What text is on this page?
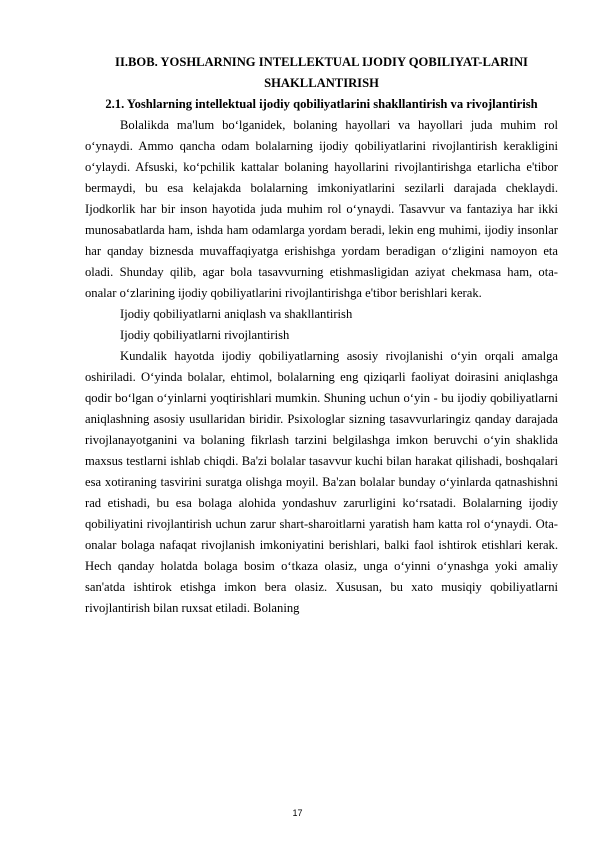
II.BOB. YOSHLARNING INTELLEKTUAL IJODIY QOBILIYAT-LARINI SHAKLLANTIRISH

2.1. Yoshlarning intellektual ijodiy qobiliyatlarini shakllantirish va rivojlantirish

Bolalikda ma'lum bo‘lganidek, bolaning hayollari va hayollari juda muhim rol o‘ynaydi. Ammo qancha odam bolalarning ijodiy qobiliyatlarini rivojlantirish kerakligini o‘ylaydi. Afsuski, ko‘pchilik kattalar bolaning hayollarini rivojlantirishga etarlicha e'tibor bermaydi, bu esa kelajakda bolalarning imkoniyatlarini sezilarli darajada cheklaydi. Ijodkorlik har bir inson hayotida juda muhim rol o‘ynaydi. Tasavvur va fantaziya har ikki munosabatlarda ham, ishda ham odamlarga yordam beradi, lekin eng muhimi, ijodiy insonlar har qanday biznesda muvaffaqiyatga erishishga yordam beradigan o‘zligini namoyon eta oladi. Shunday qilib, agar bola tasavvurning etishmasligidan aziyat chekmasa ham, ota-onalar o‘zlarining ijodiy qobiliyatlarini rivojlantirishga e'tibor berishlari kerak.

Ijodiy qobiliyatlarni aniqlash va shakllantirish

Ijodiy qobiliyatlarni rivojlantirish

Kundalik hayotda ijodiy qobiliyatlarning asosiy rivojlanishi o‘yin orqali amalga oshiriladi. O‘yinda bolalar, ehtimol, bolalarning eng qiziqarli faoliyat doirasini aniqlashga qodir bo‘lgan o‘yinlarni yoqtirishlari mumkin. Shuning uchun o‘yin - bu ijodiy qobiliyatlarni aniqlashning asosiy usullaridan biridir. Psixologlar sizning tasavvurlaringiz qanday darajada rivojlanayotganini va bolaning fikrlash tarzini belgilashga imkon beruvchi o‘yin shaklida maxsus testlarni ishlab chiqdi. Ba'zi bolalar tasavvur kuchi bilan harakat qilishadi, boshqalari esa xotiraning tasvirini suratga olishga moyil. Ba'zan bolalar bunday o‘yinlarda qatnashishni rad etishadi, bu esa bolaga alohida yondashuv zarurligini ko‘rsatadi. Bolalarning ijodiy qobiliyatini rivojlantirish uchun zarur shart-sharoitlarni yaratish ham katta rol o‘ynaydi. Ota-onalar bolaga nafaqat rivojlanish imkoniyatini berishlari, balki faol ishtirok etishlari kerak. Hech qanday holatda bolaga bosim o‘tkaza olasiz, unga o‘yinni o‘ynashga yoki amaliy san'atda ishtirok etishga imkon bera olasiz. Xususan, bu xato musiqiy qobiliyatlarni rivojlantirish bilan ruxsat etiladi. Bolaning

17
